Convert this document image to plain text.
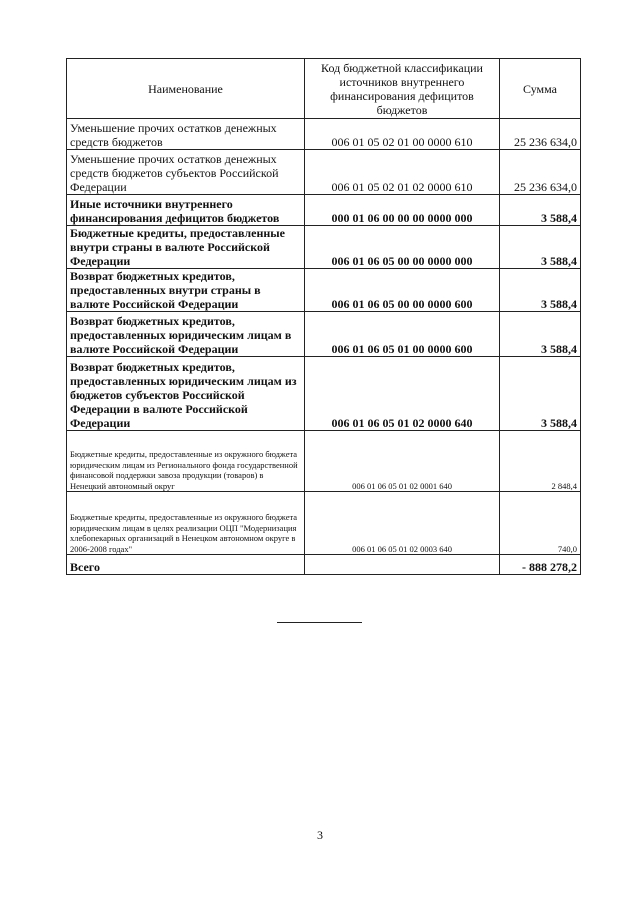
Наименование	Код бюджетной классификации источников внутреннего финансирования дефицитов бюджетов	Сумма
Уменьшение прочих остатков денежных средств бюджетов	006 01 05 02 01 00 0000 610	25 236 634,0
Уменьшение прочих остатков денежных средств бюджетов субъектов Российской Федерации	006 01 05 02 01 02 0000 610	25 236 634,0
Иные источники внутреннего финансирования дефицитов бюджетов	000 01 06 00 00 00 0000 000	3 588,4
Бюджетные кредиты, предоставленные внутри страны в валюте Российской Федерации	006 01 06 05 00 00 0000 000	3 588,4
Возврат бюджетных кредитов, предоставленных внутри страны в валюте Российской Федерации	006 01 06 05 00 00 0000 600	3 588,4
Возврат бюджетных кредитов, предоставленных юридическим лицам в валюте Российской Федерации	006 01 06 05 01 00 0000 600	3 588,4
Возврат бюджетных кредитов, предоставленных юридическим лицам из бюджетов субъектов Российской Федерации в валюте Российской Федерации	006 01 06 05 01 02 0000 640	3 588,4
Бюджетные кредиты, предоставленные из окружного бюджета юридическим лицам из Регионального фонда государственной финансовой поддержки завоза продукции (товаров) в Ненецкий автономный округ	006 01 06 05 01 02 0001 640	2 848,4
Бюджетные кредиты, предоставленные из окружного бюджета юридическим лицам в целях реализации ОЦП "Модернизация хлебопекарных организаций в Ненецком автономном округе в 2006-2008 годах"	006 01 06 05 01 02 0003 640	740,0
Всего		- 888 278,2
3
